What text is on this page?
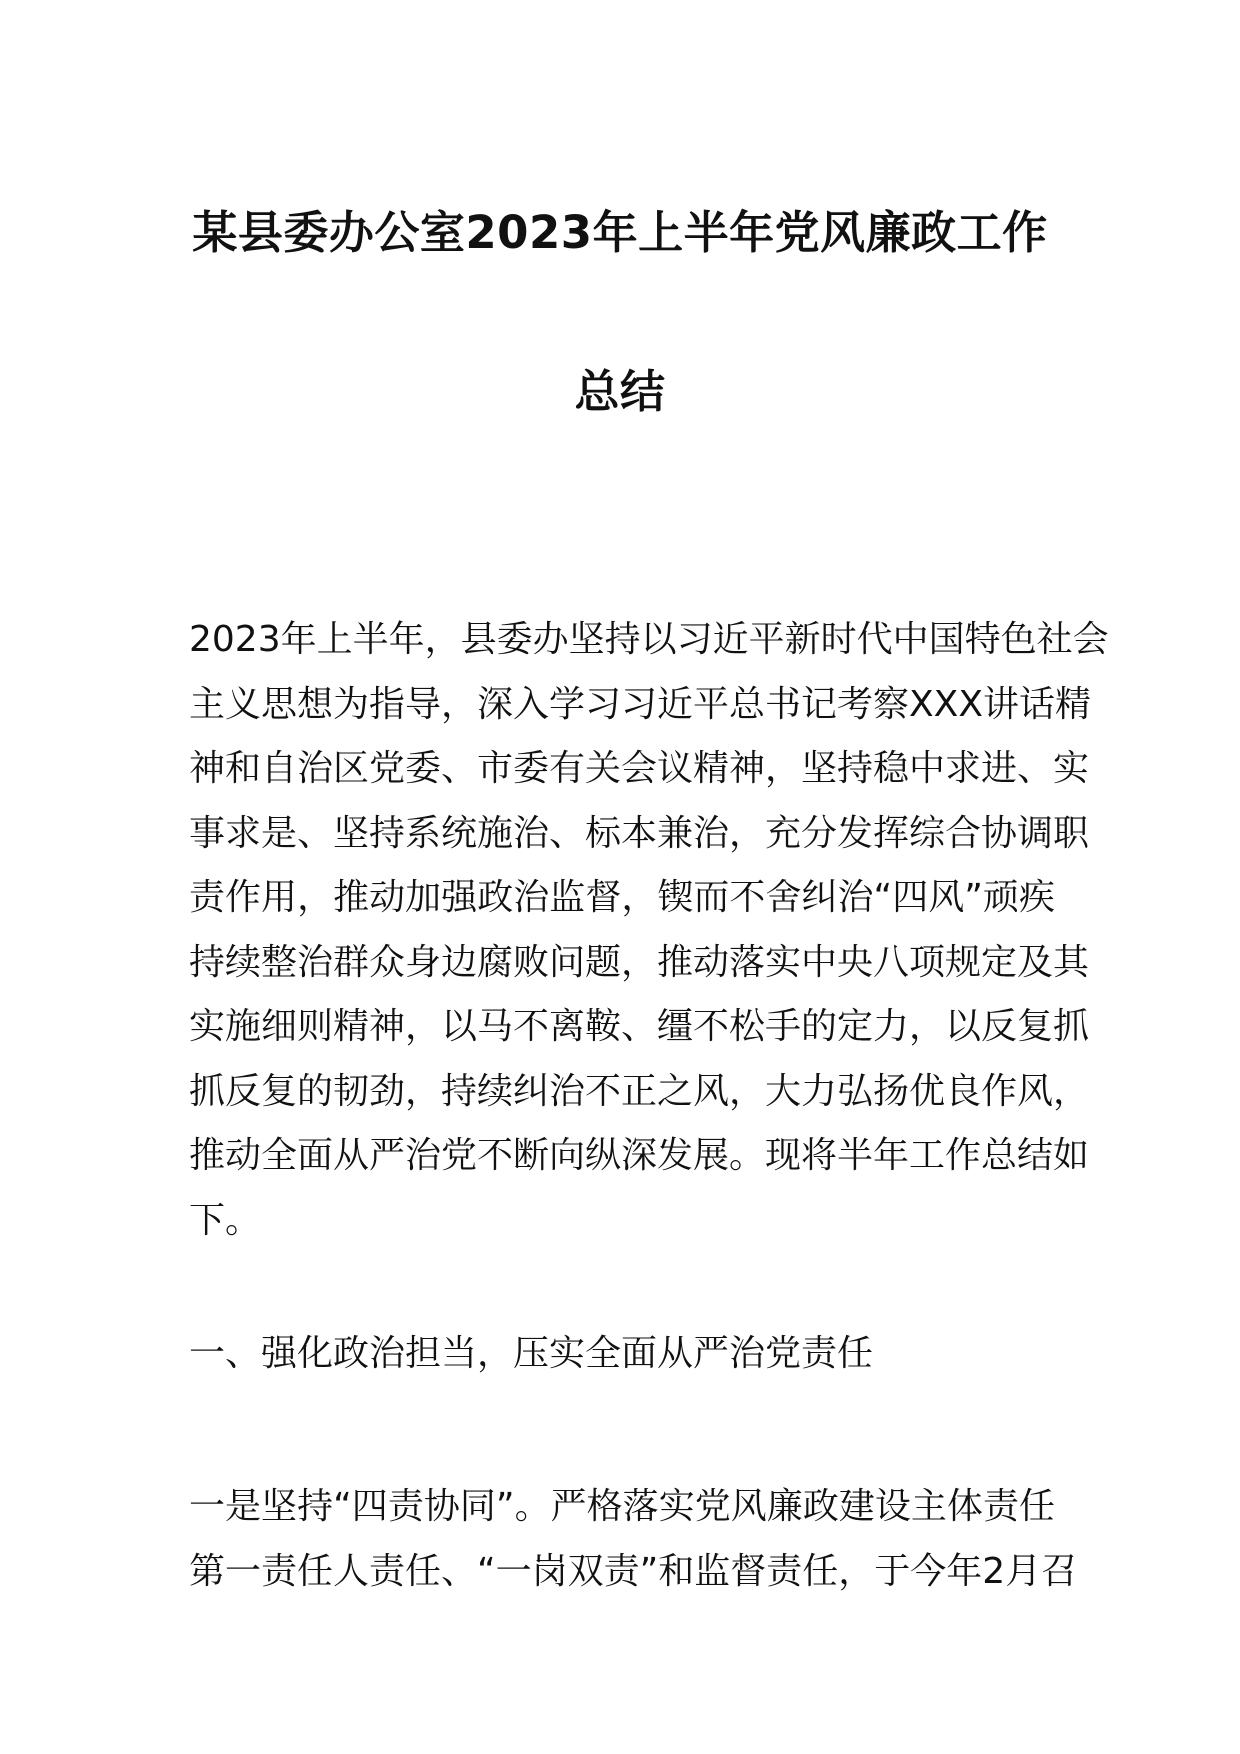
某县委办公室2023年上半年党风廉政工作
总结
2023年上半年，县委办坚持以习近平新时代中国特色社会
主义思想为指导，深入学习习近平总书记考察XXX讲话精
神和自治区党委、市委有关会议精神，坚持稳中求进、实
事求是、坚持系统施治、标本兼治，充分发挥综合协调职
责作用，推动加强政治监督，锲而不舍纠治“四风”顽疾
持续整治群众身边腐败问题，推动落实中央八项规定及其
实施细则精神，以马不离鞍、缰不松手的定力，以反复抓
抓反复的韧劲，持续纠治不正之风，大力弘扬优良作风，
推动全面从严治党不断向纵深发展。现将半年工作总结如
下。
一、强化政治担当，压实全面从严治党责任
一是坚持“四责协同”。严格落实党风廉政建设主体责任
第一责任人责任、“一岗双责”和监督责任，于今年2月召
